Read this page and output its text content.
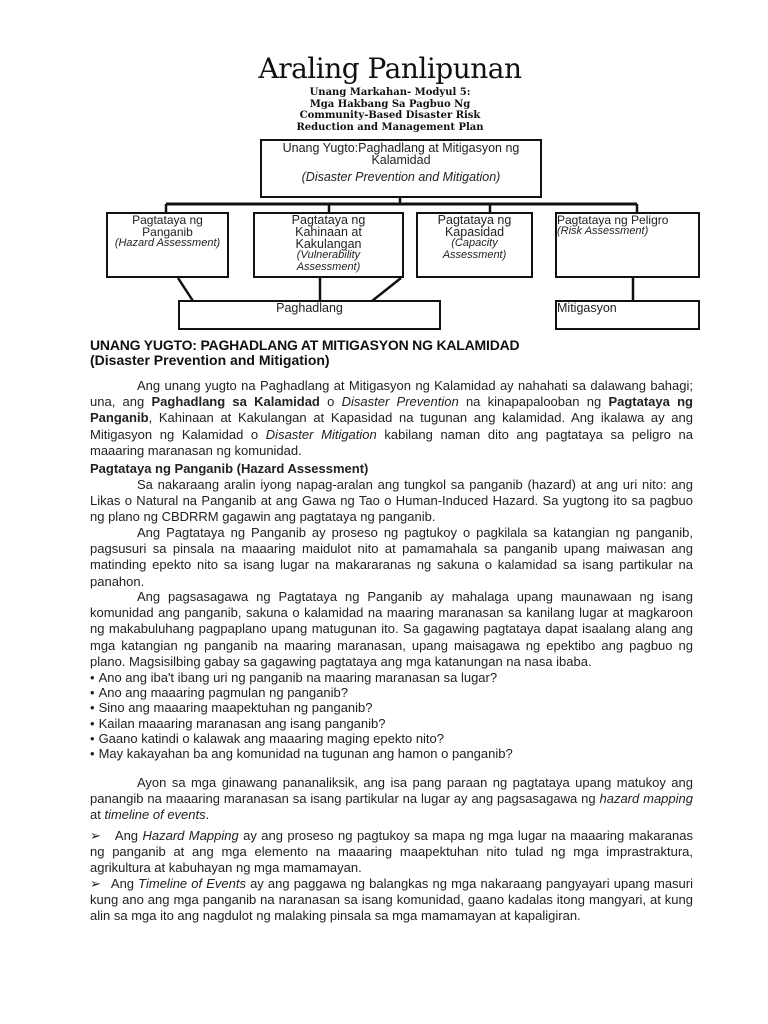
Araling Panlipunan
Unang Markahan- Modyul 5:
Mga Hakbang Sa Pagbuo Ng
Community-Based Disaster Risk
Reduction and Management Plan
Unang Yugto:Paghadlang at Mitigasyon ng Kalamidad
(Disaster Prevention and Mitigation)
Pagtataya ng Panganib
(Hazard Assessment)
Pagtataya ng Kahinaan at Kakulangan
(Vulnerability Assessment)
Pagtataya ng Kapasidad
(Capacity Assessment)
Pagtataya ng Peligro
(Risk Assessment)
Paghadlang	Mitigasyon
UNANG YUGTO: PAGHADLANG AT MITIGASYON NG KALAMIDAD
(Disaster Prevention and Mitigation)
Ang unang yugto na Paghadlang at Mitigasyon ng Kalamidad ay nahahati sa dalawang bahagi; una, ang Paghadlang sa Kalamidad o Disaster Prevention na kinapapalooban ng Pagtataya ng Panganib, Kahinaan at Kakulangan at Kapasidad na tugunan ang kalamidad. Ang ikalawa ay ang Mitigasyon ng Kalamidad o Disaster Mitigation kabilang naman dito ang pagtataya sa peligro na maaaring maranasan ng komunidad.
Pagtataya ng Panganib (Hazard Assessment)
Sa nakaraang aralin iyong napag-aralan ang tungkol sa panganib (hazard) at ang uri nito: ang Likas o Natural na Panganib at ang Gawa ng Tao o Human-Induced Hazard. Sa yugtong ito sa pagbuo ng plano ng CBDRRM gagawin ang pagtataya ng panganib.
Ang Pagtataya ng Panganib ay proseso ng pagtukoy o pagkilala sa katangian ng panganib, pagsusuri sa pinsala na maaaring maidulot nito at pamamahala sa panganib upang maiwasan ang matinding epekto nito sa isang lugar na makararanas ng sakuna o kalamidad sa isang partikular na panahon.
Ang pagsasagawa ng Pagtataya ng Panganib ay mahalaga upang maunawaan ng isang komunidad ang panganib, sakuna o kalamidad na maaring maranasan sa kanilang lugar at magkaroon ng makabuluhang pagpaplano upang matugunan ito. Sa gagawing pagtataya dapat isaalang alang ang mga katangian ng panganib na maaring maranasan, upang maisagawa ng epektibo ang pagbuo ng plano. Magsisilbing gabay sa gagawing pagtataya ang mga katanungan na nasa ibaba.
• Ano ang iba't ibang uri ng panganib na maaring maranasan sa lugar?
• Ano ang maaaring pagmulan ng panganib?
• Sino ang maaaring maapektuhan ng panganib?
• Kailan maaaring maranasan ang isang panganib?
• Gaano katindi o kalawak ang maaaring maging epekto nito?
• May kakayahan ba ang komunidad na tugunan ang hamon o panganib?
Ayon sa mga ginawang pananaliksik, ang isa pang paraan ng pagtataya upang matukoy ang panangib na maaaring maranasan sa isang partikular na lugar ay ang pagsasagawa ng hazard mapping at timeline of events.
➢ Ang Hazard Mapping ay ang proseso ng pagtukoy sa mapa ng mga lugar na maaaring makaranas ng panganib at ang mga elemento na maaaring maapektuhan nito tulad ng mga imprastraktura, agrikultura at kabuhayan ng mga mamamayan.
➢ Ang Timeline of Events ay ang paggawa ng balangkas ng mga nakaraang pangyayari upang masuri kung ano ang mga panganib na naranasan sa isang komunidad, gaano kadalas itong mangyari, at kung alin sa mga ito ang nagdulot ng malaking pinsala sa mga mamamayan at kapaligiran.
